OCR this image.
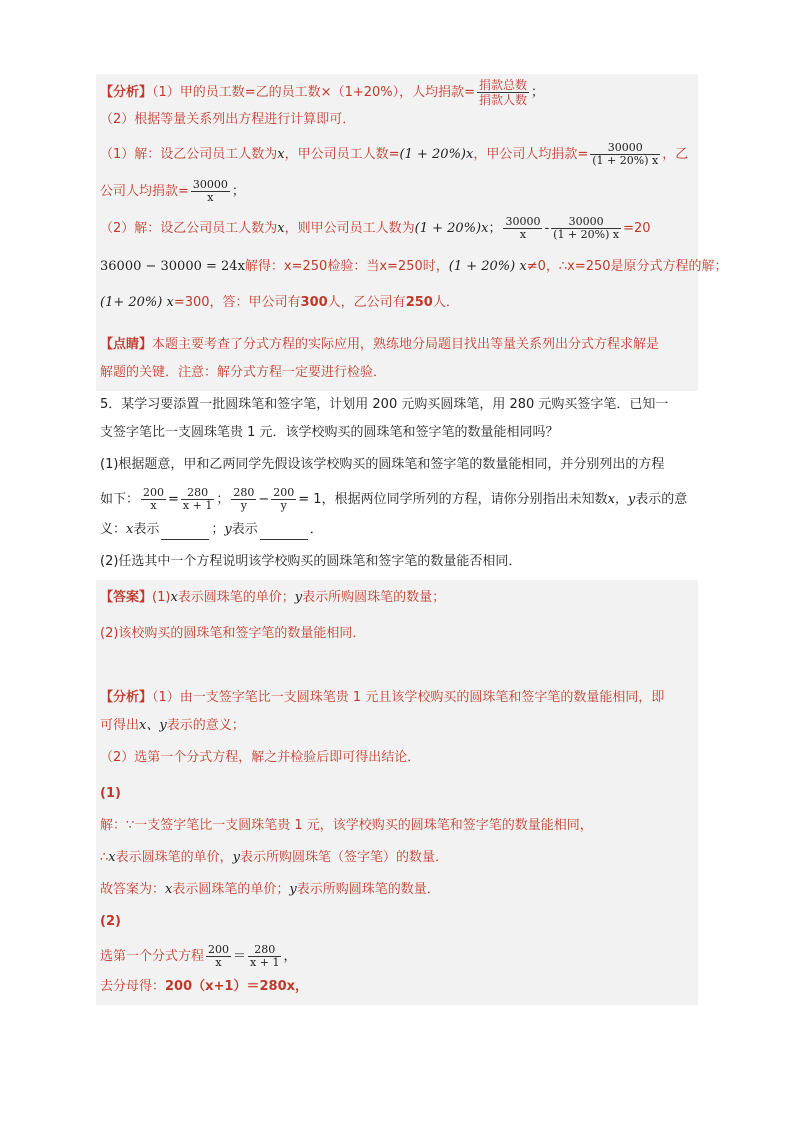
【分析】（1）甲的员工数=乙的员工数×（1+20%），人均捐款= $\frac{\text{捐款总数}}{\text{捐款人数}}$ ；
（2）根据等量关系列出方程进行计算即可．
（1）解：设乙公司员工人数为x，甲公司员工人数=(1 + 20%)x，甲公司人均捐款= $\frac{30000}{(1 + 20\%) x}$ ，乙
公司人均捐款= $\frac{30000}{x}$ ；
（2）解：设乙公司员工人数为x，则甲公司员工人数为(1 + 20%)x； $\frac{30000}{x} - \frac{30000}{(1 + 20\%) x} =20$
36000 − 30000 = 24x解得：x=250检验：当x=250时，(1 + 20%) x≠0，∴x=250是原分式方程的解；
(1+ 20%) x=300，答：甲公司有300人，乙公司有250人．
【点睛】本题主要考查了分式方程的实际应用，熟练地分局题目找出等量关系列出分式方程求解是
解题的关键．注意：解分式方程一定要进行检验．
5．某学习要添置一批圆珠笔和签字笔，计划用 200 元购买圆珠笔，用 280 元购买签字笔．已知一
支签字笔比一支圆珠笔贵 1 元．该学校购买的圆珠笔和签字笔的数量能相同吗？
(1)根据题意，甲和乙两同学先假设该学校购买的圆珠笔和签字笔的数量能相同，并分别列出的方程
如下： $\frac{200}{x} = \frac{280}{x + 1}$ ； $\frac{280}{y} - \frac{200}{y} = 1$，根据两位同学所列的方程，请你分别指出未知数x，y表示的意
义：x表示	；y表示	．
(2)任选其中一个方程说明该学校购买的圆珠笔和签字笔的数量能否相同．
【答案】(1)x表示圆珠笔的单价；y表示所购圆珠笔的数量；
(2)该校购买的圆珠笔和签字笔的数量能相同．
【分析】（1）由一支签字笔比一支圆珠笔贵 1 元且该学校购买的圆珠笔和签字笔的数量能相同，即
可得出x、y表示的意义；
（2）选第一个分式方程，解之并检验后即可得出结论．
(1)
解：∵一支签字笔比一支圆珠笔贵 1 元，该学校购买的圆珠笔和签字笔的数量能相同，
∴x表示圆珠笔的单价，y表示所购圆珠笔（签字笔）的数量．
故答案为：x表示圆珠笔的单价；y表示所购圆珠笔的数量．
(2)
选第一个分式方程 $\frac{200}{x} = \frac{280}{x + 1}$ ，
去分母得：200（x+1）＝280x，
